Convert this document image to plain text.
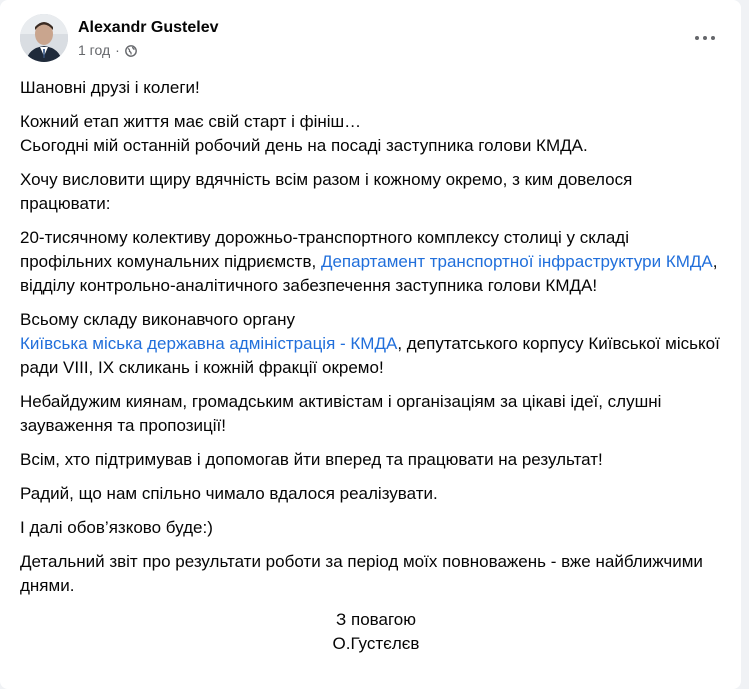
Alexandr Gustelev
1 год ·

Шановні друзі і колеги!

Кожний етап життя має свій старт і фініш…
Сьогодні мій останній робочий день на посаді заступника голови КМДА.

Хочу висловити щиру вдячність всім разом і кожному окремо, з ким довелося працювати:

20-тисячному колективу дорожньо-транспортного комплексу столиці у складі профільних комунальних підриємств, Департамент транспортної інфраструктури КМДА, відділу контрольно-аналітичного забезпечення заступника голови КМДА!

Всьому складу виконавчого органу
Київська міська державна адміністрація - КМДА, депутатського корпусу Київської міської ради VIII, IX скликань і кожній фракції окремо!

Небайдужим киянам, громадським активістам і організаціям за цікаві ідеї, слушні зауваження та пропозиції!

Всім, хто підтримував і допомогав йти вперед та працювати на результат!

Радий, що нам спільно чимало вдалося реалізувати.

І далі обов’язково буде:)

Детальний звіт про результати роботи за період моїх повноважень - вже найближчими днями.

З повагою
О.Густєлєв
